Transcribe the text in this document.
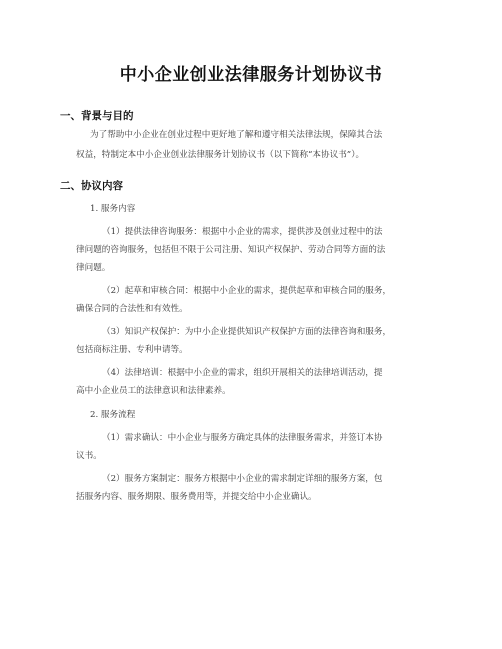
中小企业创业法律服务计划协议书
一、背景与目的
为了帮助中小企业在创业过程中更好地了解和遵守相关法律法规，保障其合法
权益，特制定本中小企业创业法律服务计划协议书（以下简称“本协议书”）。
二、协议内容
1. 服务内容
（1）提供法律咨询服务：根据中小企业的需求，提供涉及创业过程中的法
律问题的咨询服务，包括但不限于公司注册、知识产权保护、劳动合同等方面的法
律问题。
（2）起草和审核合同：根据中小企业的需求，提供起草和审核合同的服务，
确保合同的合法性和有效性。
（3）知识产权保护：为中小企业提供知识产权保护方面的法律咨询和服务，
包括商标注册、专利申请等。
（4）法律培训：根据中小企业的需求，组织开展相关的法律培训活动，提
高中小企业员工的法律意识和法律素养。
2. 服务流程
（1）需求确认：中小企业与服务方确定具体的法律服务需求，并签订本协
议书。
（2）服务方案制定：服务方根据中小企业的需求制定详细的服务方案，包
括服务内容、服务期限、服务费用等，并提交给中小企业确认。
